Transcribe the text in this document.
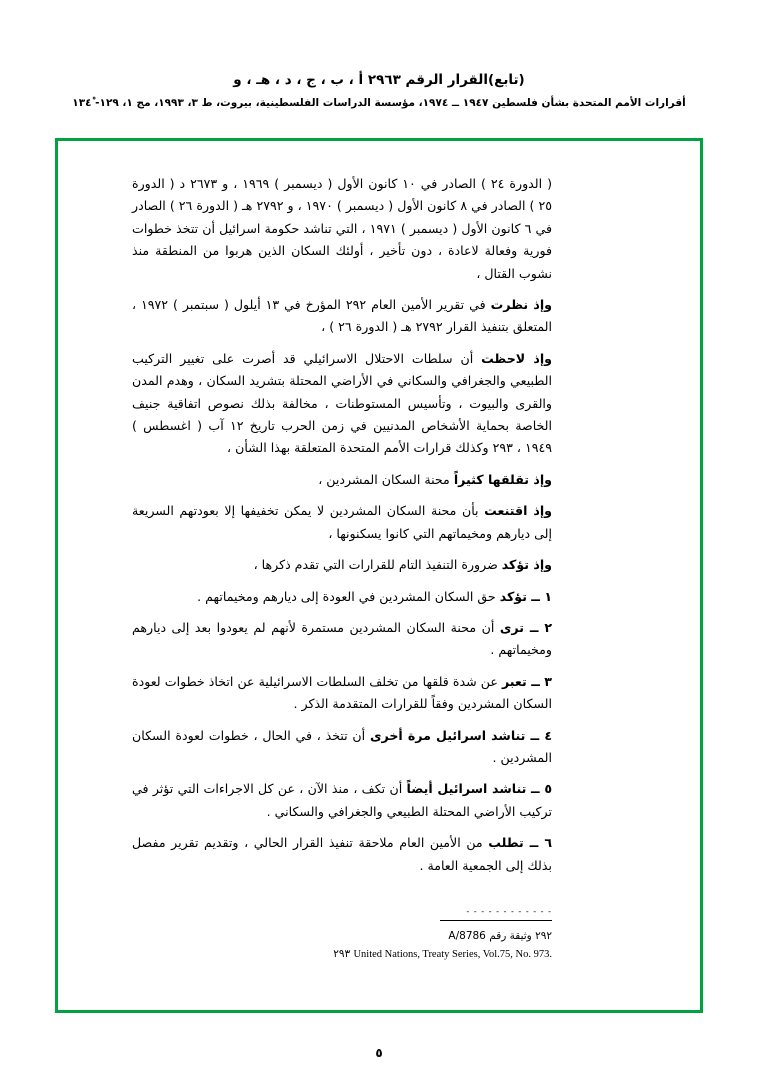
(تابع)القرار الرقم ٢٩٦٣ أ ، ب ، ج ، د ، هـ ، و
أقرارات الأمم المتحدة بشأن فلسطين ١٩٤٧ ــ ١٩٧٤، مؤسسة الدراسات الفلسطينية، بيروت، ط ٣، ١٩٩٣، مج ١، ١٢٩- ١٣٤ْ

( الدورة ٢٤ ) الصادر في ١٠ كانون الأول ( ديسمبر ) ١٩٦٩ ، و ٢٦٧٣ د ( الدورة ٢٥ ) الصادر في ٨ كانون الأول ( ديسمبر ) ١٩٧٠ ، و ٢٧٩٢ هـ ( الدورة ٢٦ ) الصادر في ٦ كانون الأول ( ديسمبر ) ١٩٧١ ، التي تناشد حكومة اسرائيل أن تتخذ خطوات فورية وفعالة لاعادة ، دون تأخير ، أولئك السكان الذين هربوا من المنطقة منذ نشوب القتال ،

وإذ نظرت في تقرير الأمين العام ٢٩٢ المؤرخ في ١٣ أيلول ( سبتمبر ) ١٩٧٢ ، المتعلق بتنفيذ القرار ٢٧٩٢ هـ ( الدورة ٢٦ ) ،

وإذ لاحظت أن سلطات الاحتلال الاسرائيلي قد أصرت على تغيير التركيب الطبيعي والجغرافي والسكاني في الأراضي المحتلة بتشريد السكان ، وهدم المدن والقرى والبيوت ، وتأسيس المستوطنات ، مخالفة بذلك نصوص اتفاقية جنيف الخاصة بحماية الأشخاص المدنيين في زمن الحرب تاريخ ١٢ آب ( اغسطس ) ١٩٤٩ ، ٢٩٣ وكذلك قرارات الأمم المتحدة المتعلقة بهذا الشأن ،

وإذ تقلقها كثيراً محنة السكان المشردين ،

وإذ اقتنعت بأن محنة السكان المشردين لا يمكن تخفيفها إلا بعودتهم السريعة إلى ديارهم ومخيماتهم التي كانوا يسكنونها ،

وإذ تؤكد ضرورة التنفيذ التام للقرارات التي تقدم ذكرها ،

١ ــ تؤكد حق السكان المشردين في العودة إلى ديارهم ومخيماتهم .

٢ ــ ترى أن محنة السكان المشردين مستمرة لأنهم لم يعودوا بعد إلى ديارهم ومخيماتهم .

٣ ــ تعبر عن شدة قلقها من تخلف السلطات الاسرائيلية عن اتخاذ خطوات لعودة السكان المشردين وفقاً للقرارات المتقدمة الذكر .

٤ ــ تناشد اسرائيل مرة أخرى أن تتخذ ، في الحال ، خطوات لعودة السكان المشردين .

٥ ــ تناشد اسرائيل أيضاً أن تكف ، منذ الآن ، عن كل الاجراءات التي تؤثر في تركيب الأراضي المحتلة الطبيعي والجغرافي والسكاني .

٦ ــ تطلب من الأمين العام ملاحقة تنفيذ القرار الحالي ، وتقديم تقرير مفصل بذلك إلى الجمعية العامة .

- - - - - - - - - - - -
٢٩٢ وثيقة رقم A/8786
United Nations, Treaty Series, Vol.75, No. 973. ٢٩٣
٥
